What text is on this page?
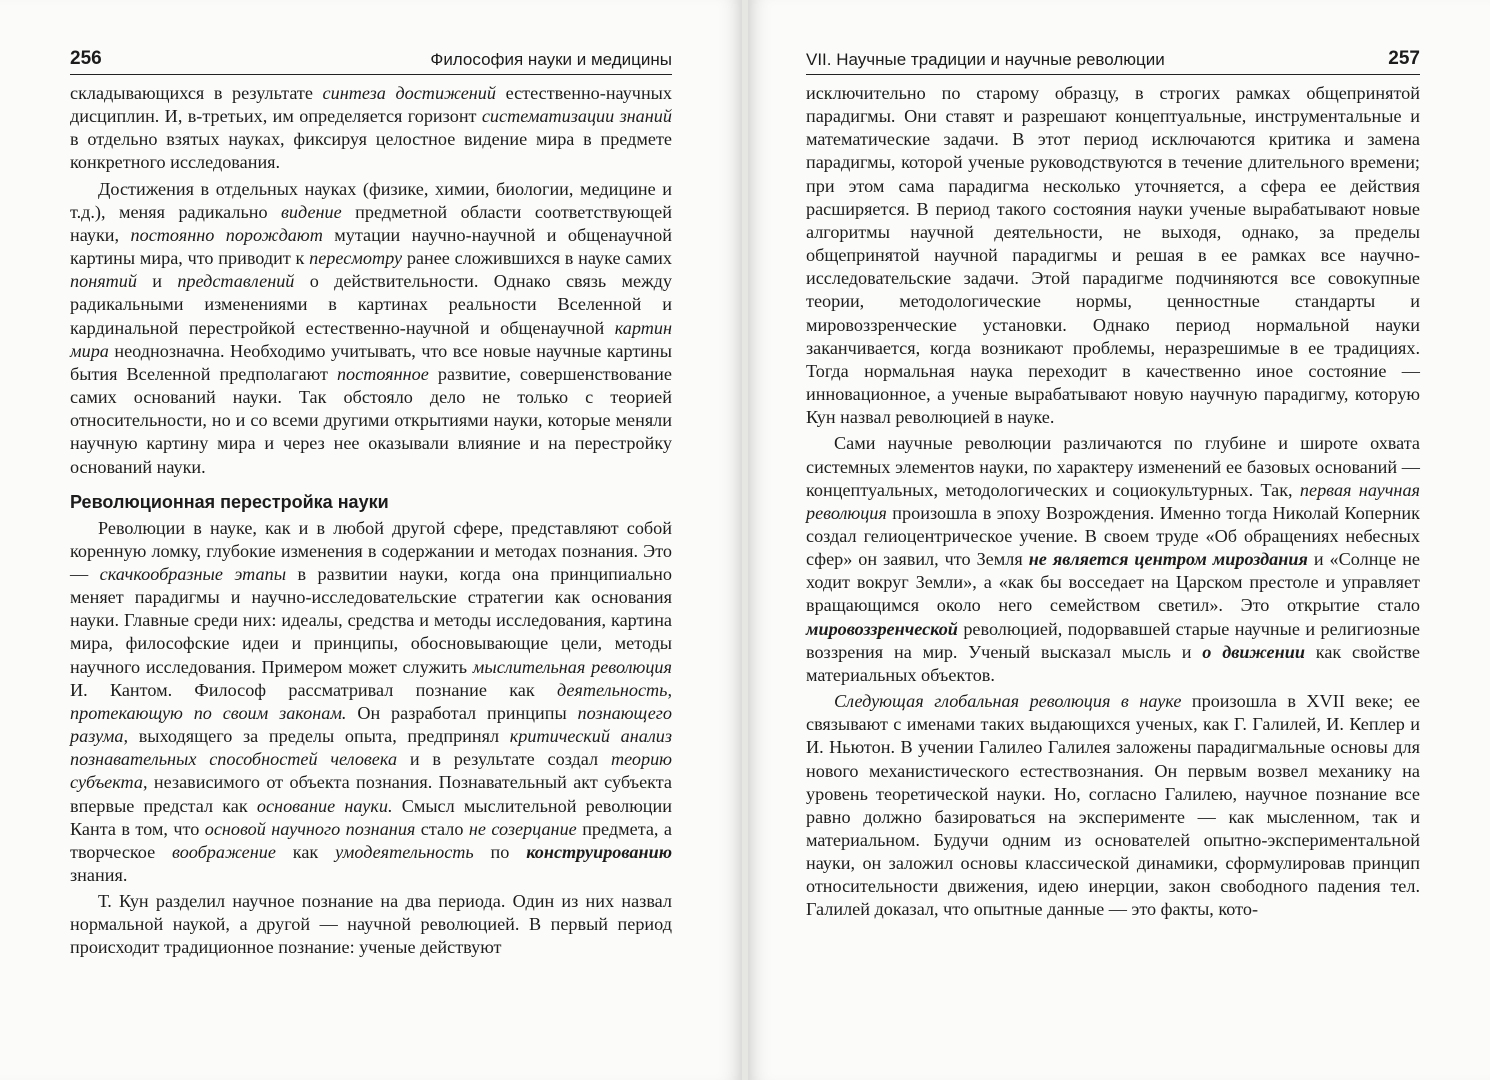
256	Философия науки и медицины

складывающихся в результате синтеза достижений естественно-научных дисциплин. И, в-третьих, им определяется горизонт систематизации знаний в отдельно взятых науках, фиксируя целостное видение мира в предмете конкретного исследования.

Достижения в отдельных науках (физике, химии, биологии, медицине и т.д.), меняя радикально видение предметной области соответствующей науки, постоянно порождают мутации научно-научной и общенаучной картины мира, что приводит к пересмотру ранее сложившихся в науке самих понятий и представлений о действительности. Однако связь между радикальными изменениями в картинах реальности Вселенной и кардинальной перестройкой естественно-научной и общенаучной картин мира неоднозначна. Необходимо учитывать, что все новые научные картины бытия Вселенной предполагают постоянное развитие, совершенствование самих оснований науки. Так обстояло дело не только с теорией относительности, но и со всеми другими открытиями науки, которые меняли научную картину мира и через нее оказывали влияние и на перестройку оснований науки.

Революционная перестройка науки

Революции в науке, как и в любой другой сфере, представляют собой коренную ломку, глубокие изменения в содержании и методах познания. Это — скачкообразные этапы в развитии науки, когда она принципиально меняет парадигмы и научно-исследовательские стратегии как основания науки. Главные среди них: идеалы, средства и методы исследования, картина мира, философские идеи и принципы, обосновывающие цели, методы научного исследования. Примером может служить мыслительная революция И. Кантом. Философ рассматривал познание как деятельность, протекающую по своим законам. Он разработал принципы познающего разума, выходящего за пределы опыта, предпринял критический анализ познавательных способностей человека и в результате создал теорию субъекта, независимого от объекта познания. Познавательный акт субъекта впервые предстал как основание науки. Смысл мыслительной революции Канта в том, что основой научного познания стало не созерцание предмета, а творческое воображение как умодеятельность по конструированию знания.

Т. Кун разделил научное познание на два периода. Один из них назвал нормальной наукой, а другой — научной революцией. В первый период происходит традиционное познание: ученые действуют

VII. Научные традиции и научные революции	257

исключительно по старому образцу, в строгих рамках общепринятой парадигмы. Они ставят и разрешают концептуальные, инструментальные и математические задачи. В этот период исключаются критика и замена парадигмы, которой ученые руководствуются в течение длительного времени; при этом сама парадигма несколько уточняется, а сфера ее действия расширяется. В период такого состояния науки ученые вырабатывают новые алгоритмы научной деятельности, не выходя, однако, за пределы общепринятой научной парадигмы и решая в ее рамках все научно-исследовательские задачи. Этой парадигме подчиняются все совокупные теории, методологические нормы, ценностные стандарты и мировоззренческие установки. Однако период нормальной науки заканчивается, когда возникают проблемы, неразрешимые в ее традициях. Тогда нормальная наука переходит в качественно иное состояние — инновационное, а ученые вырабатывают новую научную парадигму, которую Кун назвал революцией в науке.

Сами научные революции различаются по глубине и широте охвата системных элементов науки, по характеру изменений ее базовых оснований — концептуальных, методологических и социокультурных. Так, первая научная революция произошла в эпоху Возрождения. Именно тогда Николай Коперник создал гелиоцентрическое учение. В своем труде «Об обращениях небесных сфер» он заявил, что Земля не является центром мироздания и «Солнце не ходит вокруг Земли», а «как бы восседает на Царском престоле и управляет вращающимся около него семейством светил». Это открытие стало мировоззренческой революцией, подорвавшей старые научные и религиозные воззрения на мир. Ученый высказал мысль и о движении как свойстве материальных объектов.

Следующая глобальная революция в науке произошла в XVII веке; ее связывают с именами таких выдающихся ученых, как Г. Галилей, И. Кеплер и И. Ньютон. В учении Галилео Галилея заложены парадигмальные основы для нового механистического естествознания. Он первым возвел механику на уровень теоретической науки. Но, согласно Галилею, научное познание все равно должно базироваться на эксперименте — как мысленном, так и материальном. Будучи одним из основателей опытно-экспериментальной науки, он заложил основы классической динамики, сформулировав принцип относительности движения, идею инерции, закон свободного падения тел. Галилей доказал, что опытные данные — это факты, кото-
